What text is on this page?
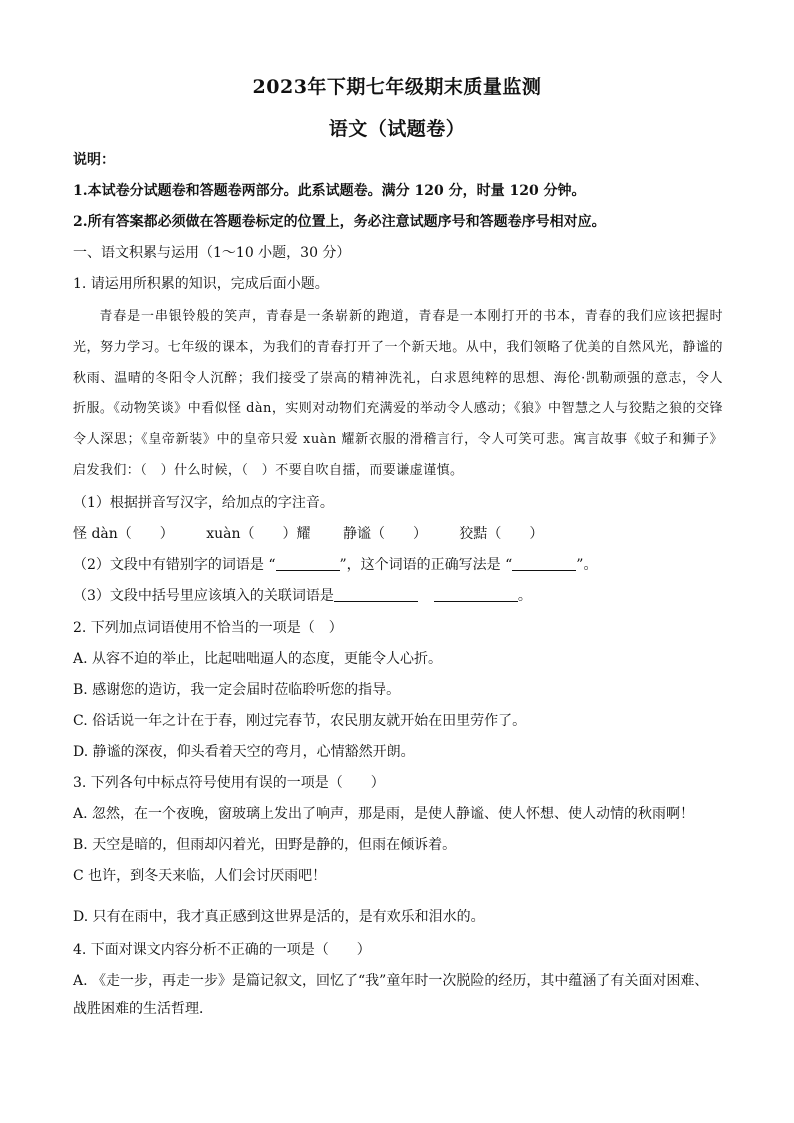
2023年下期七年级期末质量监测
语文（试题卷）
说明：
1.本试卷分试题卷和答题卷两部分。此系试题卷。满分 120 分，时量 120 分钟。
2.所有答案都必须做在答题卷标定的位置上，务必注意试题序号和答题卷序号相对应。
一、语文积累与运用（1～10 小题，30 分）
1. 请运用所积累的知识，完成后面小题。
青春是一串银铃般的笑声，青春是一条崭新的跑道，青春是一本刚打开的书本，青春的我们应该把握时光，努力学习。七年级的课本，为我们的青春打开了一个新天地。从中，我们领略了优美的自然风光，静谧的秋雨、温晴的冬阳令人沉醉；我们接受了崇高的精神洗礼，白求恩纯粹的思想、海伦·凯勒顽强的意志，令人折服。《动物笑谈》中看似怪 dàn，实则对动物们充满爱的举动令人感动；《狼》中智慧之人与狡黠之狼的交锋令人深思；《皇帝新装》中的皇帝只爱 xuàn 耀新衣服的滑稽言行，令人可笑可悲。寓言故事《蚊子和狮子》启发我们：（　）什么时候，（　）不要自吹自擂，而要谦虚谨慎。
（1）根据拼音写汉字，给加点的字注音。
怪 dàn（　　） xuàn（　　）耀 静谧（　　） 狡黠（　　）
（2）文段中有错别字的词语是 “	”，这个词语的正确写法是 “	”。
（3）文段中括号里应该填入的关联词语是	。
2. 下列加点词语使用不恰当的一项是（　）
A. 从容不迫的举止，比起咄咄逼人的态度，更能令人心折。
B. 感谢您的造访，我一定会届时莅临聆听您的指导。
C. 俗话说一年之计在于春，刚过完春节，农民朋友就开始在田里劳作了。
D. 静谧的深夜，仰头看着天空的弯月，心情豁然开朗。
3. 下列各句中标点符号使用有误的一项是（　　）
A. 忽然，在一个夜晚，窗玻璃上发出了响声，那是雨，是使人静谧、使人怀想、使人动情的秋雨啊！
B. 天空是暗的，但雨却闪着光，田野是静的，但雨在倾诉着。
C 也许，到冬天来临，人们会讨厌雨吧！
D. 只有在雨中，我才真正感到这世界是活的，是有欢乐和泪水的。
4. 下面对课文内容分析不正确的一项是（　　）
A. 《走一步，再走一步》是篇记叙文，回忆了“我”童年时一次脱险的经历，其中蕴涵了有关面对困难、战胜困难的生活哲理．
